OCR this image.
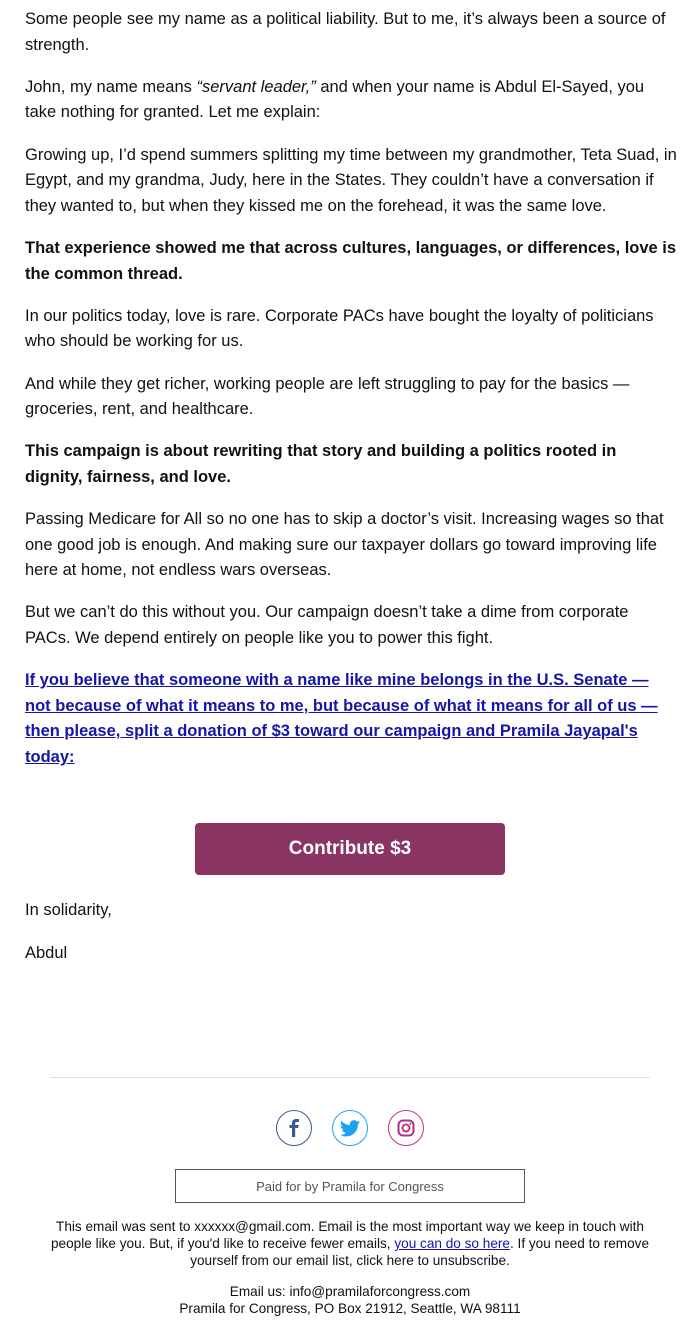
Some people see my name as a political liability. But to me, it’s always been a source of strength.

John, my name means “servant leader,” and when your name is Abdul El-Sayed, you take nothing for granted. Let me explain:

Growing up, I’d spend summers splitting my time between my grandmother, Teta Suad, in Egypt, and my grandma, Judy, here in the States. They couldn’t have a conversation if they wanted to, but when they kissed me on the forehead, it was the same love.

That experience showed me that across cultures, languages, or differences, love is the common thread.

In our politics today, love is rare. Corporate PACs have bought the loyalty of politicians who should be working for us.

And while they get richer, working people are left struggling to pay for the basics — groceries, rent, and healthcare.

This campaign is about rewriting that story and building a politics rooted in dignity, fairness, and love.

Passing Medicare for All so no one has to skip a doctor’s visit. Increasing wages so that one good job is enough. And making sure our taxpayer dollars go toward improving life here at home, not endless wars overseas.

But we can’t do this without you. Our campaign doesn’t take a dime from corporate PACs. We depend entirely on people like you to power this fight.

If you believe that someone with a name like mine belongs in the U.S. Senate — not because of what it means to me, but because of what it means for all of us — then please, split a donation of $3 toward our campaign and Pramila Jayapal's today:

Contribute $3
In solidarity,
Abdul
Paid for by Pramila for Congress
This email was sent to xxxxxx@gmail.com. Email is the most important way we keep in touch with people like you. But, if you'd like to receive fewer emails, you can do so here. If you need to remove yourself from our email list, click here to unsubscribe.
Email us: info@pramilaforcongress.com
Pramila for Congress, PO Box 21912, Seattle, WA 98111
